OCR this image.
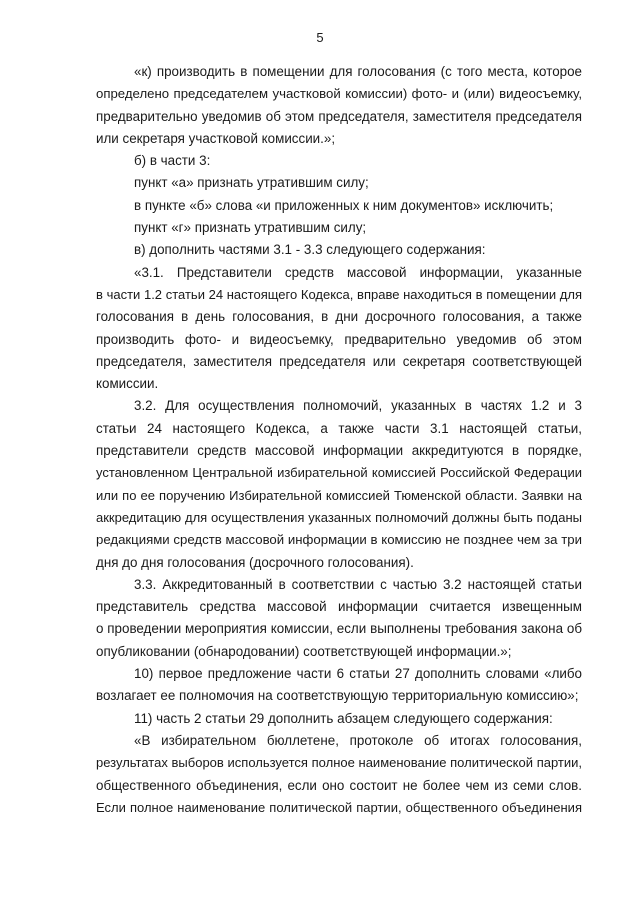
5
«к) производить в помещении для голосования (с того места, которое
определено председателем участковой комиссии) фото- и (или) видеосъемку,
предварительно уведомив об этом председателя, заместителя председателя
или секретаря участковой комиссии.»;
б) в части 3:
пункт «а» признать утратившим силу;
в пункте «б» слова «и приложенных к ним документов» исключить;
пункт «г» признать утратившим силу;
в) дополнить частями 3.1 - 3.3 следующего содержания:
«3.1. Представители средств массовой информации, указанные
в части 1.2 статьи 24 настоящего Кодекса, вправе находиться в помещении для
голосования в день голосования, в дни досрочного голосования, а также
производить фото- и видеосъемку, предварительно уведомив об этом
председателя, заместителя председателя или секретаря соответствующей
комиссии.
3.2. Для осуществления полномочий, указанных в частях 1.2 и 3
статьи 24 настоящего Кодекса, а также части 3.1 настоящей статьи,
представители средств массовой информации аккредитуются в порядке,
установленном Центральной избирательной комиссией Российской Федерации
или по ее поручению Избирательной комиссией Тюменской области. Заявки на
аккредитацию для осуществления указанных полномочий должны быть поданы
редакциями средств массовой информации в комиссию не позднее чем за три
дня до дня голосования (досрочного голосования).
3.3. Аккредитованный в соответствии с частью 3.2 настоящей статьи
представитель средства массовой информации считается извещенным
о проведении мероприятия комиссии, если выполнены требования закона об
опубликовании (обнародовании) соответствующей информации.»;
10) первое предложение части 6 статьи 27 дополнить словами «либо
возлагает ее полномочия на соответствующую территориальную комиссию»;
11) часть 2 статьи 29 дополнить абзацем следующего содержания:
«В избирательном бюллетене, протоколе об итогах голосования,
результатах выборов используется полное наименование политической партии,
общественного объединения, если оно состоит не более чем из семи слов.
Если полное наименование политической партии, общественного объединения
